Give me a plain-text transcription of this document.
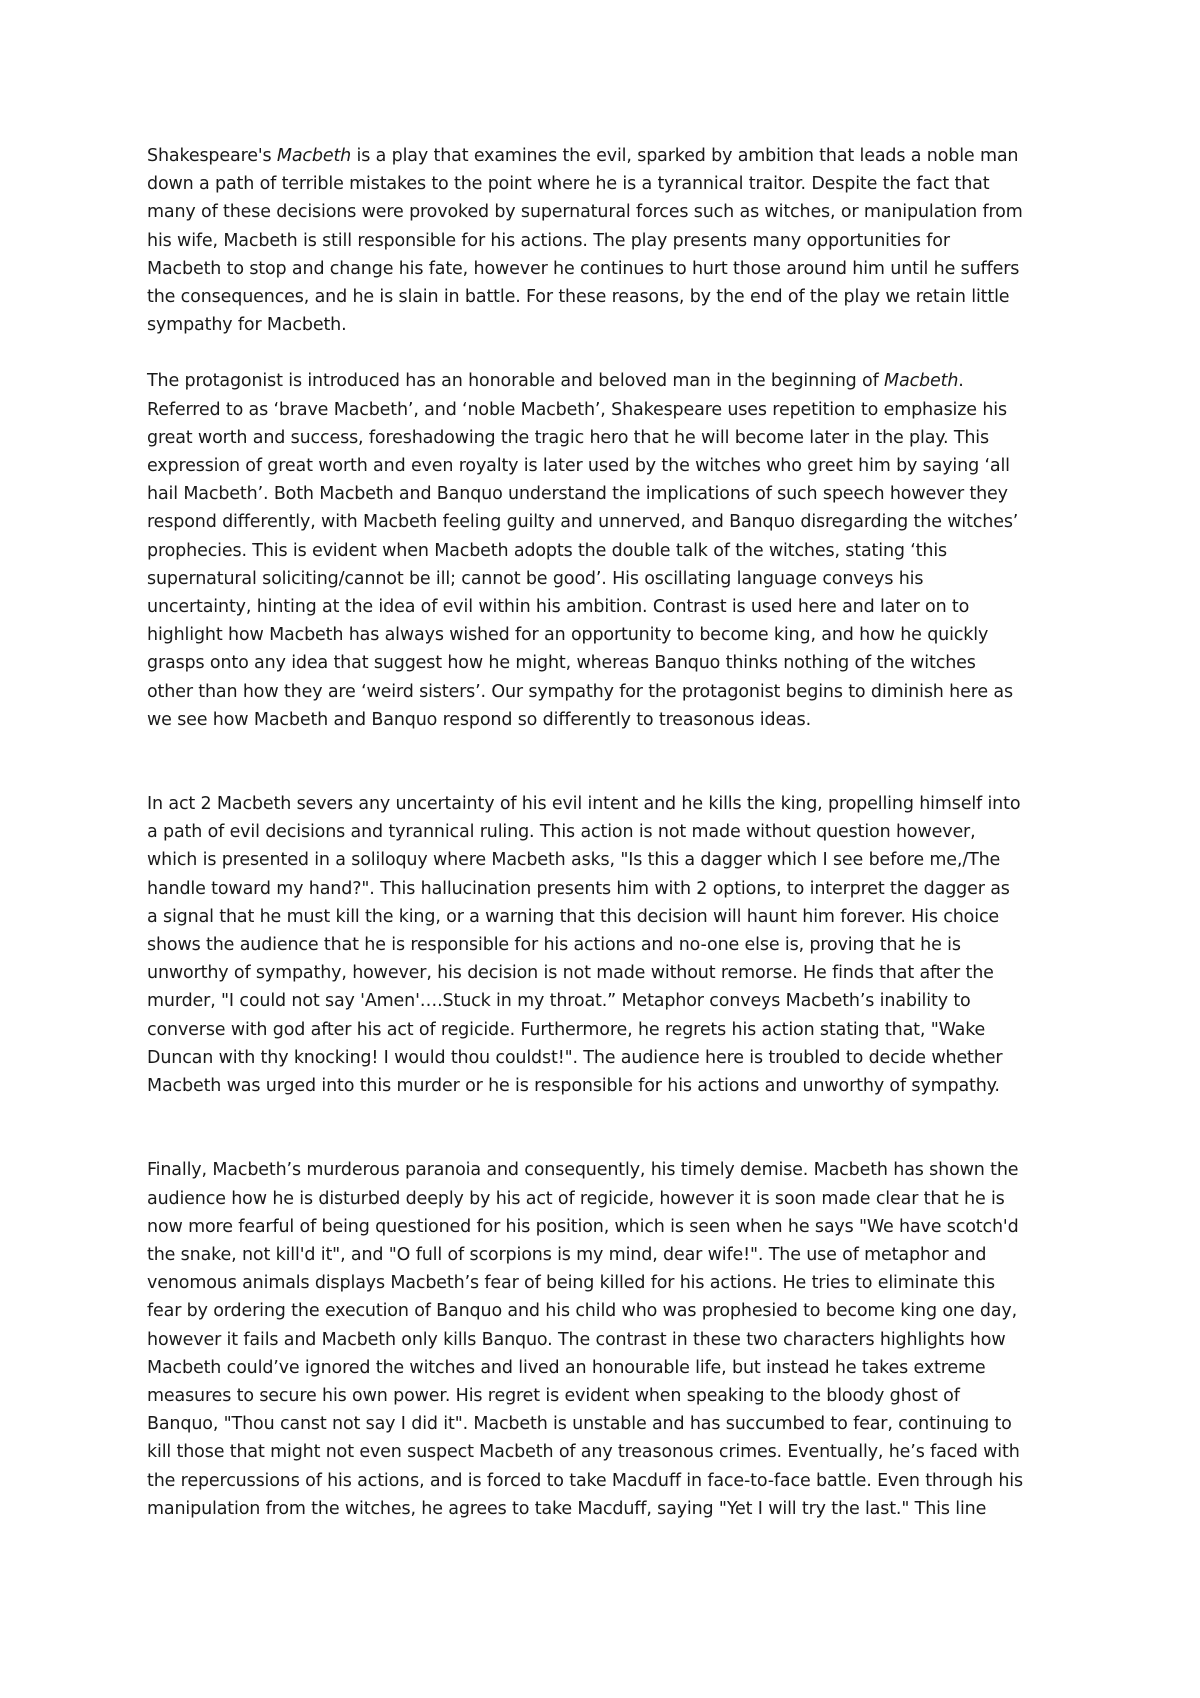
Shakespeare's Macbeth is a play that examines the evil, sparked by ambition that leads a noble man
down a path of terrible mistakes to the point where he is a tyrannical traitor. Despite the fact that
many of these decisions were provoked by supernatural forces such as witches, or manipulation from
his wife, Macbeth is still responsible for his actions. The play presents many opportunities for
Macbeth to stop and change his fate, however he continues to hurt those around him until he suffers
the consequences, and he is slain in battle. For these reasons, by the end of the play we retain little
sympathy for Macbeth.

The protagonist is introduced has an honorable and beloved man in the beginning of Macbeth.
Referred to as ‘brave Macbeth’, and ‘noble Macbeth’, Shakespeare uses repetition to emphasize his
great worth and success, foreshadowing the tragic hero that he will become later in the play. This
expression of great worth and even royalty is later used by the witches who greet him by saying ‘all
hail Macbeth’. Both Macbeth and Banquo understand the implications of such speech however they
respond differently, with Macbeth feeling guilty and unnerved, and Banquo disregarding the witches’
prophecies. This is evident when Macbeth adopts the double talk of the witches, stating ‘this
supernatural soliciting/cannot be ill; cannot be good’. His oscillating language conveys his
uncertainty, hinting at the idea of evil within his ambition. Contrast is used here and later on to
highlight how Macbeth has always wished for an opportunity to become king, and how he quickly
grasps onto any idea that suggest how he might, whereas Banquo thinks nothing of the witches
other than how they are ‘weird sisters’. Our sympathy for the protagonist begins to diminish here as
we see how Macbeth and Banquo respond so differently to treasonous ideas.

In act 2 Macbeth severs any uncertainty of his evil intent and he kills the king, propelling himself into
a path of evil decisions and tyrannical ruling. This action is not made without question however,
which is presented in a soliloquy where Macbeth asks, "Is this a dagger which I see before me,/The
handle toward my hand?". This hallucination presents him with 2 options, to interpret the dagger as
a signal that he must kill the king, or a warning that this decision will haunt him forever. His choice
shows the audience that he is responsible for his actions and no-one else is, proving that he is
unworthy of sympathy, however, his decision is not made without remorse. He finds that after the
murder, "I could not say 'Amen'….Stuck in my throat.” Metaphor conveys Macbeth’s inability to
converse with god after his act of regicide. Furthermore, he regrets his action stating that, "Wake
Duncan with thy knocking! I would thou couldst!". The audience here is troubled to decide whether
Macbeth was urged into this murder or he is responsible for his actions and unworthy of sympathy.

Finally, Macbeth’s murderous paranoia and consequently, his timely demise. Macbeth has shown the
audience how he is disturbed deeply by his act of regicide, however it is soon made clear that he is
now more fearful of being questioned for his position, which is seen when he says "We have scotch'd
the snake, not kill'd it", and "O full of scorpions is my mind, dear wife!". The use of metaphor and
venomous animals displays Macbeth’s fear of being killed for his actions. He tries to eliminate this
fear by ordering the execution of Banquo and his child who was prophesied to become king one day,
however it fails and Macbeth only kills Banquo. The contrast in these two characters highlights how
Macbeth could’ve ignored the witches and lived an honourable life, but instead he takes extreme
measures to secure his own power. His regret is evident when speaking to the bloody ghost of
Banquo, "Thou canst not say I did it". Macbeth is unstable and has succumbed to fear, continuing to
kill those that might not even suspect Macbeth of any treasonous crimes. Eventually, he’s faced with
the repercussions of his actions, and is forced to take Macduff in face-to-face battle. Even through his
manipulation from the witches, he agrees to take Macduff, saying "Yet I will try the last." This line
